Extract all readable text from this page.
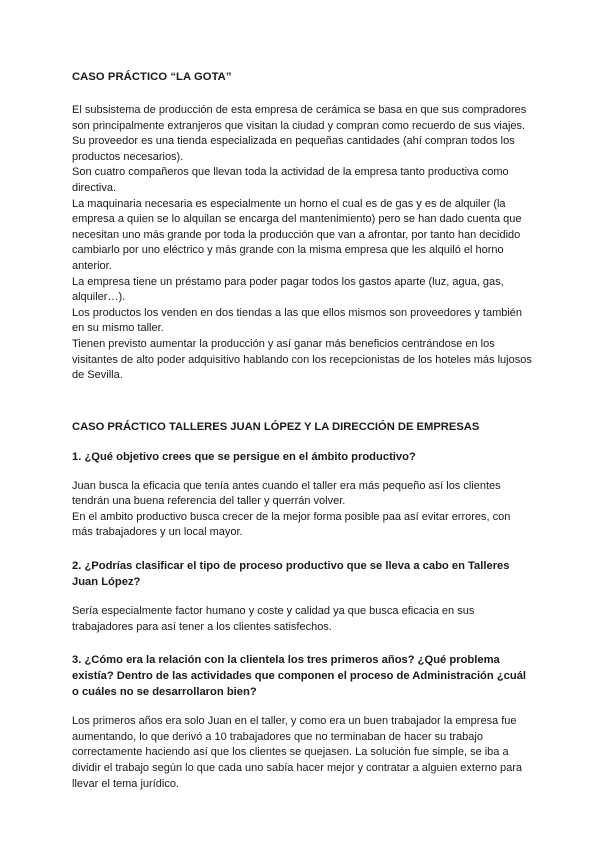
CASO PRÁCTICO “LA GOTA”

El subsistema de producción de esta empresa de cerámica se basa en que sus compradores son principalmente extranjeros que visitan la ciudad y compran como recuerdo de sus viajes.

Su proveedor es una tienda especializada en pequeñas cantidades (ahí compran todos los productos necesarios).

Son cuatro compañeros que llevan toda la actividad de la empresa tanto productiva como directiva.

La maquinaria necesaria es especialmente un horno el cual es de gas y es de alquiler (la empresa a quien se lo alquilan se encarga del mantenimiento) pero se han dado cuenta que necesitan uno más grande por toda la producción que van a afrontar, por tanto han decidido cambiarlo por uno eléctrico y más grande con la misma empresa que les alquiló el horno anterior.

La empresa tiene un préstamo para poder pagar todos los gastos aparte (luz, agua, gas, alquiler…).

Los productos los venden en dos tiendas a las que ellos mismos son proveedores y también en su mismo taller.

Tienen previsto aumentar la producción y así ganar más beneficios centrándose en los visitantes de alto poder adquisitivo hablando con los recepcionistas de los hoteles más lujosos de Sevilla.

CASO PRÁCTICO TALLERES JUAN LÓPEZ Y LA DIRECCIÓN DE EMPRESAS
1. ¿Qué objetivo crees que se persigue en el ámbito productivo?

Juan busca la eficacia que tenía antes cuando el taller era más pequeño así los clientes tendrán una buena referencia del taller y querrán volver.

En el ambito productivo busca crecer de la mejor forma posible paa así evitar errores, con más trabajadores y un local mayor.

2. ¿Podrías clasificar el tipo de proceso productivo que se lleva a cabo en Talleres Juan López?

Sería especialmente factor humano y coste y calidad ya que busca eficacia en sus trabajadores para así tener a los clientes satisfechos.

3. ¿Cómo era la relación con la clientela los tres primeros años? ¿Qué problema existía? Dentro de las actividades que componen el proceso de Administración ¿cuál o cuáles no se desarrollaron bien?

Los primeros años era solo Juan en el taller, y como era un buen trabajador la empresa fue aumentando, lo que derivó a 10 trabajadores que no terminaban de hacer su trabajo correctamente haciendo así que los clientes se quejasen. La solución fue simple, se iba a dividir el trabajo según lo que cada uno sabía hacer mejor y contratar a alguien externo para llevar el tema jurídico.
